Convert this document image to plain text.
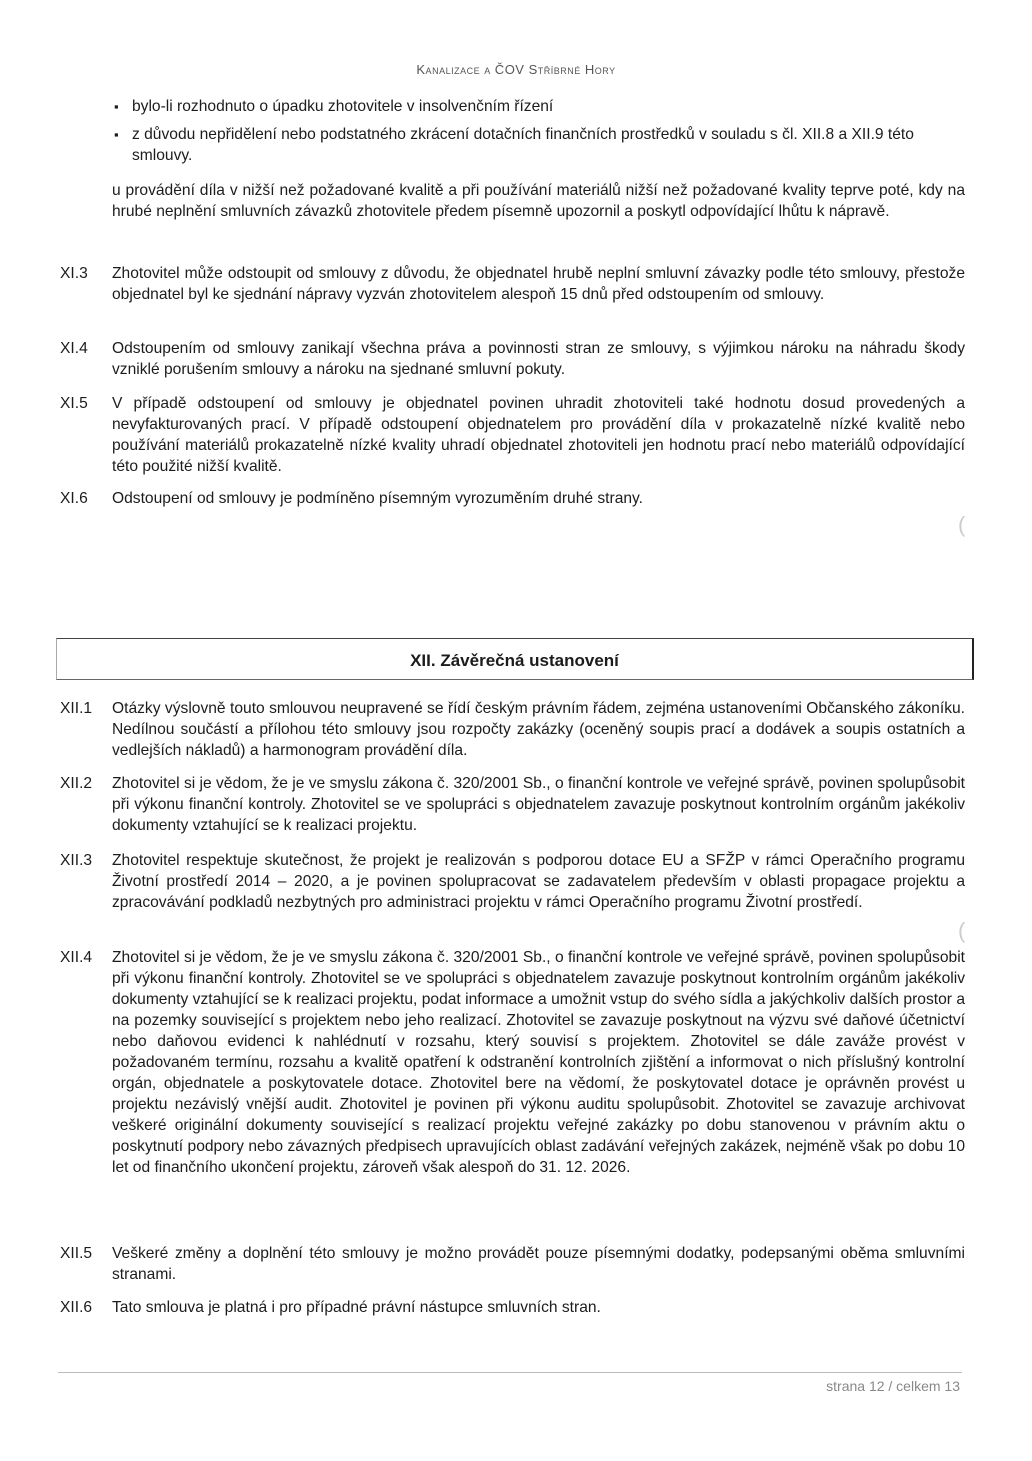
Kanalizace a ČOV Stříbrné Hory
▪ bylo-li rozhodnuto o úpadku zhotovitele v insolvenčním řízení
▪ z důvodu nepřidělení nebo podstatného zkrácení dotačních finančních prostředků v souladu s čl. XII.8 a XII.9 této smlouvy.
u provádění díla v nižší než požadované kvalitě a při používání materiálů nižší než požadované kvality teprve poté, kdy na hrubé neplnění smluvních závazků zhotovitele předem písemně upozornil a poskytl odpovídající lhůtu k nápravě.
XI.3	Zhotovitel může odstoupit od smlouvy z důvodu, že objednatel hrubě neplní smluvní závazky podle této smlouvy, přestože objednatel byl ke sjednání nápravy vyzván zhotovitelem alespoň 15 dnů před odstoupením od smlouvy.
XI.4	Odstoupením od smlouvy zanikají všechna práva a povinnosti stran ze smlouvy, s výjimkou nároku na náhradu škody vzniklé porušením smlouvy a nároku na sjednané smluvní pokuty.
XI.5	V případě odstoupení od smlouvy je objednatel povinen uhradit zhotoviteli také hodnotu dosud provedených a nevyfakturovaných prací. V případě odstoupení objednatelem pro provádění díla v prokazatelně nízké kvalitě nebo používání materiálů prokazatelně nízké kvality uhradí objednatel zhotoviteli jen hodnotu prací nebo materiálů odpovídající této použité nižší kvalitě.
XI.6	Odstoupení od smlouvy je podmíněno písemným vyrozuměním druhé strany.
(
XII. Závěrečná ustanovení
XII.1	Otázky výslovně touto smlouvou neupravené se řídí českým právním řádem, zejména ustanoveními Občanského zákoníku. Nedílnou součástí a přílohou této smlouvy jsou rozpočty zakázky (oceněný soupis prací a dodávek a soupis ostatních a vedlejších nákladů) a harmonogram provádění díla.
XII.2	Zhotovitel si je vědom, že je ve smyslu zákona č. 320/2001 Sb., o finanční kontrole ve veřejné správě, povinen spolupůsobit při výkonu finanční kontroly. Zhotovitel se ve spolupráci s objednatelem zavazuje poskytnout kontrolním orgánům jakékoliv dokumenty vztahující se k realizaci projektu.
XII.3	Zhotovitel respektuje skutečnost, že projekt je realizován s podporou dotace EU a SFŽP v rámci Operačního programu Životní prostředí 2014 – 2020, a je povinen spolupracovat se zadavatelem především v oblasti propagace projektu a zpracovávání podkladů nezbytných pro administraci projektu v rámci Operačního programu Životní prostředí.
XII.4	Zhotovitel si je vědom, že je ve smyslu zákona č. 320/2001 Sb., o finanční kontrole ve veřejné správě, povinen spolupůsobit při výkonu finanční kontroly. Zhotovitel se ve spolupráci s objednatelem zavazuje poskytnout kontrolním orgánům jakékoliv dokumenty vztahující se k realizaci projektu, podat informace a umožnit vstup do svého sídla a jakýchkoliv dalších prostor a na pozemky související s projektem nebo jeho realizací. Zhotovitel se zavazuje poskytnout na výzvu své daňové účetnictví nebo daňovou evidenci k nahlédnutí v rozsahu, který souvisí s projektem. Zhotovitel se dále zaváže provést v požadovaném termínu, rozsahu a kvalitě opatření k odstranění kontrolních zjištění a informovat o nich příslušný kontrolní orgán, objednatele a poskytovatele dotace. Zhotovitel bere na vědomí, že poskytovatel dotace je oprávněn provést u projektu nezávislý vnější audit. Zhotovitel je povinen při výkonu auditu spolupůsobit. Zhotovitel se zavazuje archivovat veškeré originální dokumenty související s realizací projektu veřejné zakázky po dobu stanovenou v právním aktu o poskytnutí podpory nebo závazných předpisech upravujících oblast zadávání veřejných zakázek, nejméně však po dobu 10 let od finančního ukončení projektu, zároveň však alespoň do 31. 12. 2026.
XII.5	Veškeré změny a doplnění této smlouvy je možno provádět pouze písemnými dodatky, podepsanými oběma smluvními stranami.
XII.6	Tato smlouva je platná i pro případné právní nástupce smluvních stran.
(
strana 12 / celkem 13
